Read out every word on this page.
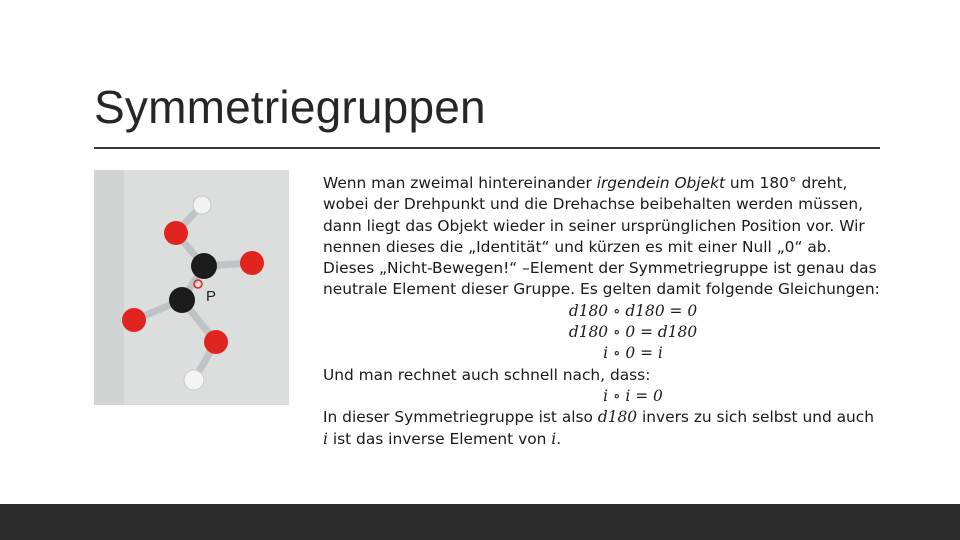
Symmetriegruppen
P
Wenn man zweimal hintereinander irgendein Objekt um 180° dreht,
wobei der Drehpunkt und die Drehachse beibehalten werden müssen,
dann liegt das Objekt wieder in seiner ursprünglichen Position vor. Wir
nennen dieses die „Identität“ und kürzen es mit einer Null „0“ ab.
Dieses „Nicht-Bewegen!“ –Element der Symmetriegruppe ist genau das
neutrale Element dieser Gruppe. Es gelten damit folgende Gleichungen:
d180 ∘ d180 = 0
d180 ∘ 0 = d180
i ∘ 0 = i
Und man rechnet auch schnell nach, dass:
i ∘ i = 0
In dieser Symmetriegruppe ist also d180 invers zu sich selbst und auch
i ist das inverse Element von i.
